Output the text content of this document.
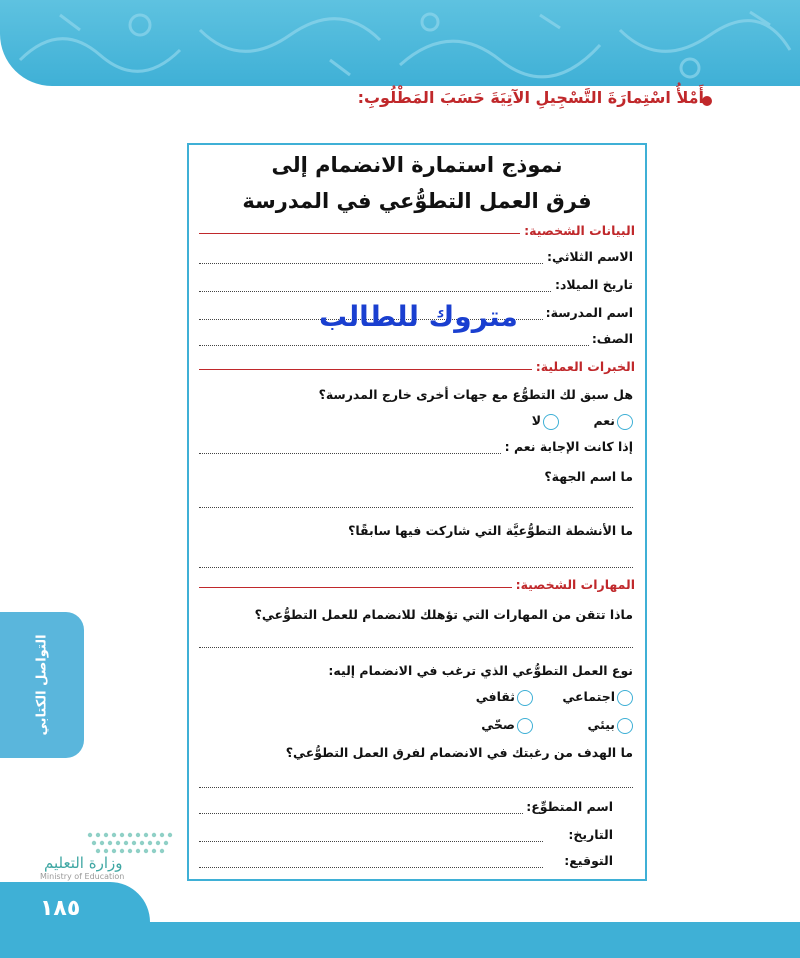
أَمْلأُ اسْتِمارَةَ التَّسْجِيلِ الآتِيَةَ حَسَبَ المَطْلُوبِ:
نموذج استمارة الانضمام إلى
فرق العمل التطوُّعي في المدرسة
البيانات الشخصية:
الاسم الثلاثي:
تاريخ الميلاد:
اسم المدرسة:
الصف:
الخبرات العملية:
هل سبق لك التطوُّع مع جهات أخرى خارج المدرسة؟
نعم
لا
إذا كانت الإجابة نعم :
ما اسم الجهة؟
ما الأنشطة التطوُّعيَّة التي شاركت فيها سابقًا؟
المهارات الشخصية:
ماذا تتقن من المهارات التي تؤهلك للانضمام للعمل التطوُّعي؟
نوع العمل التطوُّعي الذي ترغب في الانضمام إليه:
اجتماعي
ثقافي
بيئي
صحّي
ما الهدف من رغبتك في الانضمام لفرق العمل التطوُّعي؟
اسم المتطوِّع:
التاريخ:
التوقيع:
متروك للطالب
التواصل الكتابي
وزارة التعليم
Ministry of Education
١٨٥
